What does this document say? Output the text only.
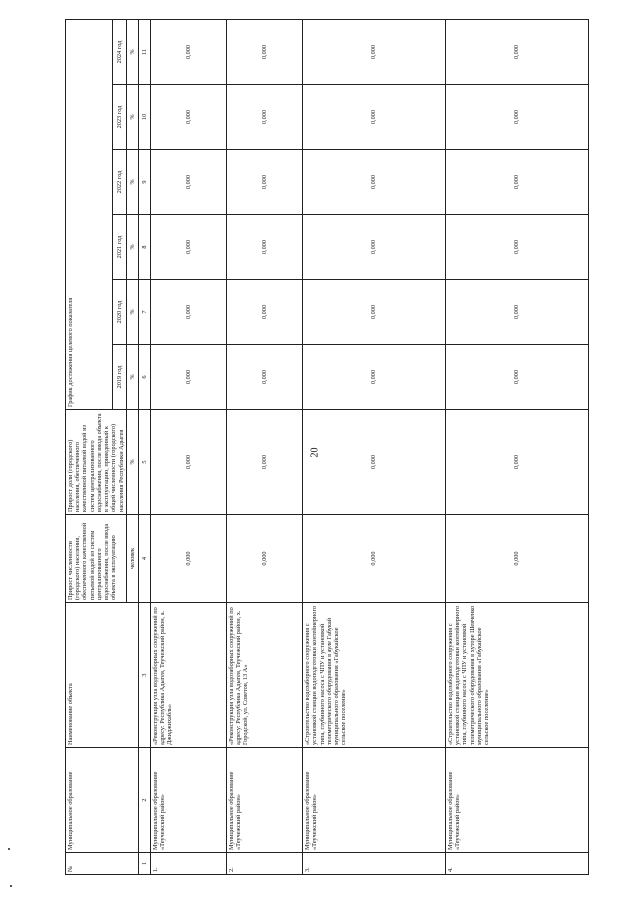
20
№	Муниципальное образование	Наименование объекта	Прирост численности (городского) населения, обеспеченного качественной питьевой водой из систем централизованного водоснабжения, после ввода объекта в эксплуатацию	Прирост доли (городского) населения, обеспеченного качественной питьевой водой из систем централизованного водоснабжения, после ввода объекта в эксплуатацию, приведенный к общей численности (городского) населения Республики Адыгея	График достижения целевого показателя					
					2019 год	2020 год	2021 год	2022 год	2023 год	2024 год
			человек	%	%	%	%	%	%	%
1	2	3	4	5	6	7	8	9	10	11
1.	Муниципальное образование «Теучежский район»	«Реконструкция узла водозаборных сооружений по адресу: Республика Адыгея, Теучежский район, а. Джиджихабль»	0,000	0,000	0,000	0,000	0,000	0,000	0,000	0,000
2.	Муниципальное образование «Теучежский район»	«Реконструкция узла водозаборных сооружений по адресу: Республика Адыгея, Теучежский район, х. Городской, ул. Советов, 13 А»	0,000	0,000	0,000	0,000	0,000	0,000	0,000	0,000
3.	Муниципальное образование «Теучежский район»	«Строительство водозаборного сооружения с установкой станции водоподготовки контейнерного типа, глубинного насоса с ЧПУ и установкой телеметрического оборудования в ауле Габукай муниципального образования «Габукайское сельское поселение»	0,000	0,000	0,000	0,000	0,000	0,000	0,000	0,000
4.	Муниципальное образование «Теучежский район»	«Строительство водозаборного сооружения с установкой станции водоподготовки контейнерного типа, глубинного насоса с ЧПУ и установкой телеметрического оборудования в хуторе Шевченко муниципального образования «Габукайское сельское поселение»	0,000	0,000	0,000	0,000	0,000	0,000	0,000	0,000
